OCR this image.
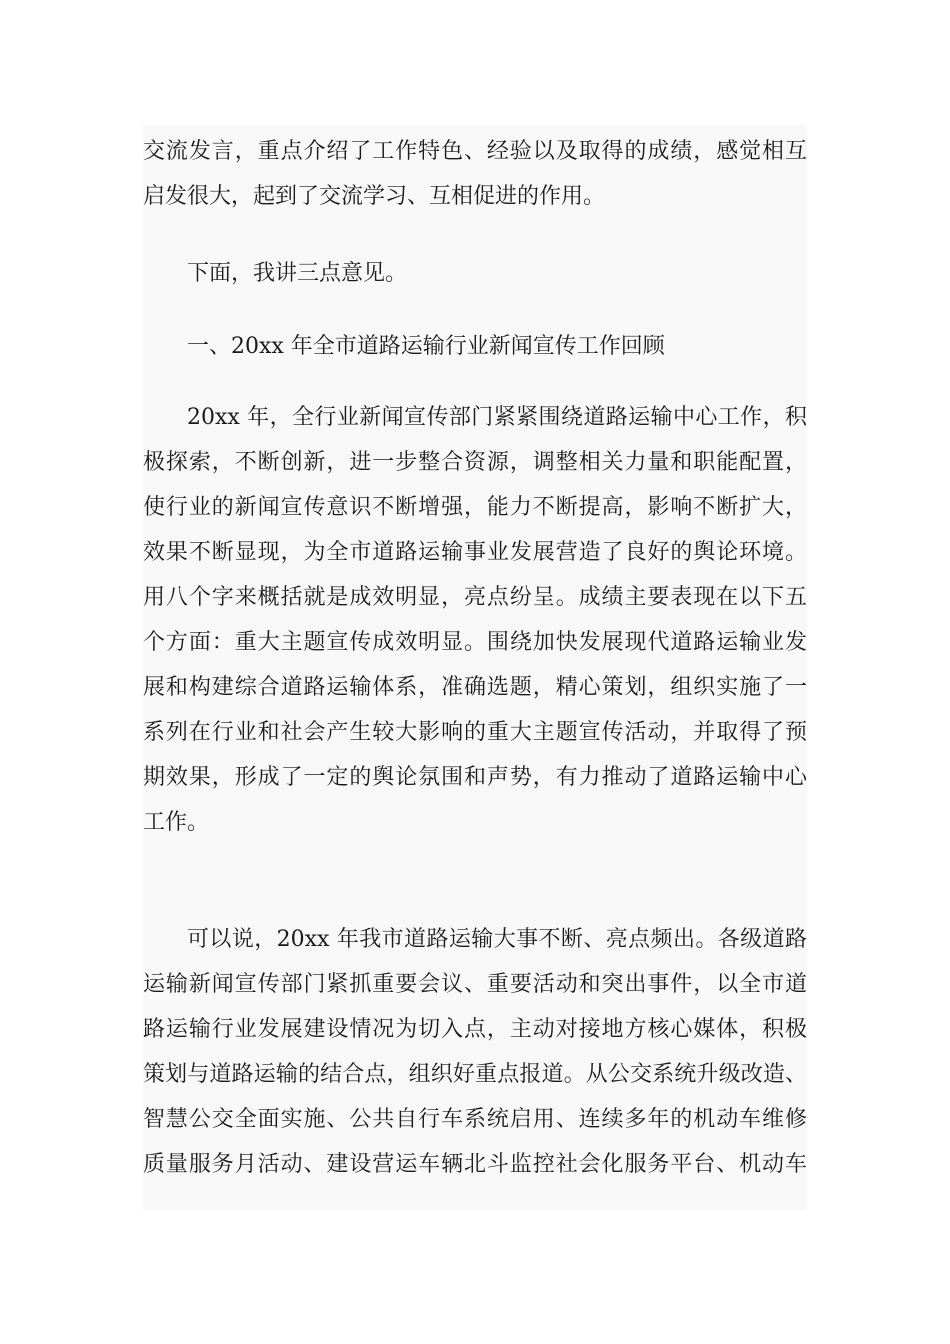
交流发言，重点介绍了工作特色、经验以及取得的成绩，感觉相互
启发很大，起到了交流学习、互相促进的作用。
下面，我讲三点意见。
一、20xx 年全市道路运输行业新闻宣传工作回顾
20xx 年，全行业新闻宣传部门紧紧围绕道路运输中心工作，积
极探索，不断创新，进一步整合资源，调整相关力量和职能配置，
使行业的新闻宣传意识不断增强，能力不断提高，影响不断扩大，
效果不断显现，为全市道路运输事业发展营造了良好的舆论环境。
用八个字来概括就是成效明显，亮点纷呈。成绩主要表现在以下五
个方面：重大主题宣传成效明显。围绕加快发展现代道路运输业发
展和构建综合道路运输体系，准确选题，精心策划，组织实施了一
系列在行业和社会产生较大影响的重大主题宣传活动，并取得了预
期效果，形成了一定的舆论氛围和声势，有力推动了道路运输中心
工作。
可以说，20xx 年我市道路运输大事不断、亮点频出。各级道路
运输新闻宣传部门紧抓重要会议、重要活动和突出事件，以全市道
路运输行业发展建设情况为切入点，主动对接地方核心媒体，积极
策划与道路运输的结合点，组织好重点报道。从公交系统升级改造、
智慧公交全面实施、公共自行车系统启用、连续多年的机动车维修
质量服务月活动、建设营运车辆北斗监控社会化服务平台、机动车
